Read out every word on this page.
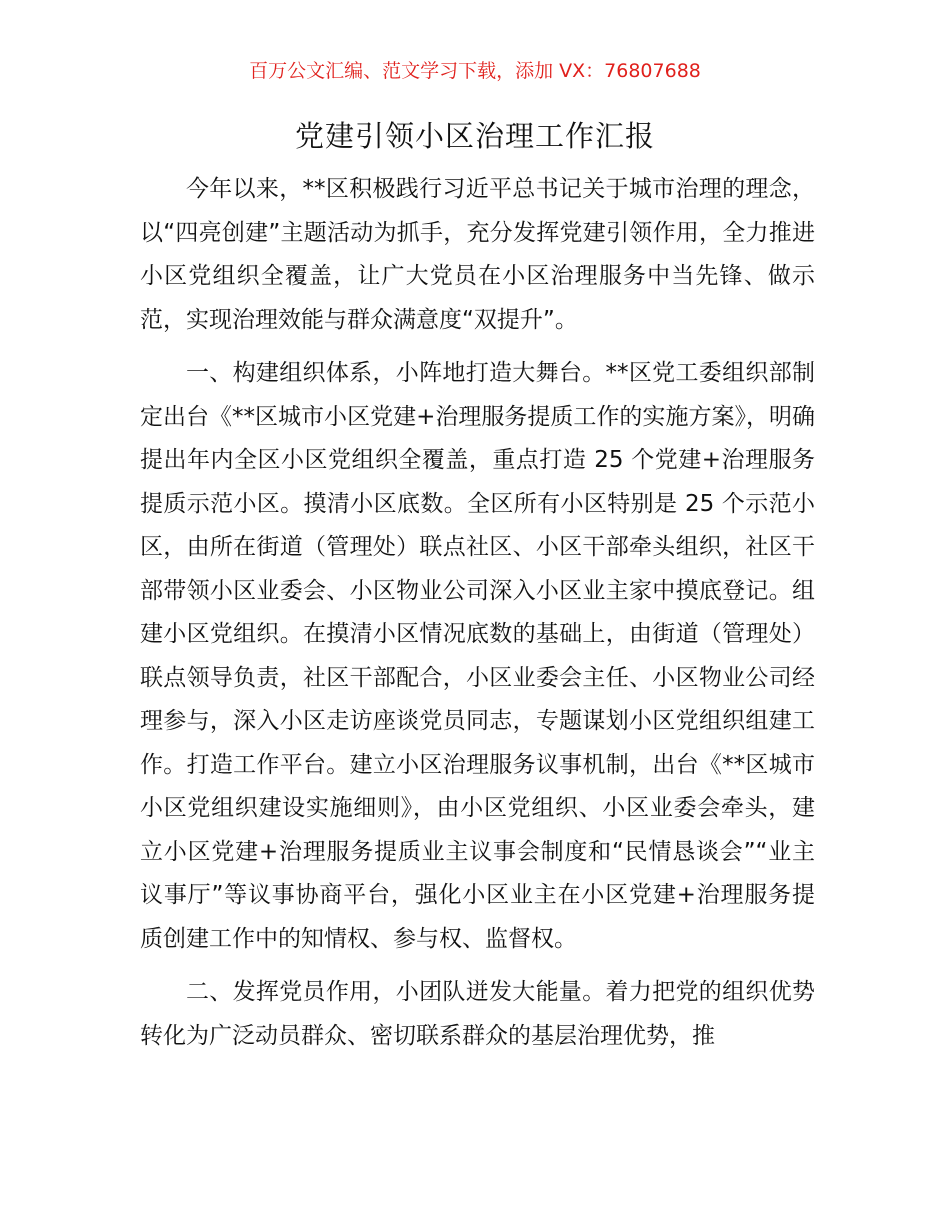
百万公文汇编、范文学习下载，添加 VX：76807688
党建引领小区治理工作汇报

今年以来，**区积极践行习近平总书记关于城市治理的理念，以“四亮创建”主题活动为抓手，充分发挥党建引领作用，全力推进小区党组织全覆盖，让广大党员在小区治理服务中当先锋、做示范，实现治理效能与群众满意度“双提升”。

一、构建组织体系，小阵地打造大舞台。**区党工委组织部制定出台《**区城市小区党建+治理服务提质工作的实施方案》，明确提出年内全区小区党组织全覆盖，重点打造 25 个党建+治理服务提质示范小区。摸清小区底数。全区所有小区特别是 25 个示范小区，由所在街道（管理处）联点社区、小区干部牵头组织，社区干部带领小区业委会、小区物业公司深入小区业主家中摸底登记。组建小区党组织。在摸清小区情况底数的基础上，由街道（管理处）联点领导负责，社区干部配合，小区业委会主任、小区物业公司经理参与，深入小区走访座谈党员同志，专题谋划小区党组织组建工作。打造工作平台。建立小区治理服务议事机制，出台《**区城市小区党组织建设实施细则》，由小区党组织、小区业委会牵头，建立小区党建+治理服务提质业主议事会制度和“民情恳谈会”“业主议事厅”等议事协商平台，强化小区业主在小区党建+治理服务提质创建工作中的知情权、参与权、监督权。

二、发挥党员作用，小团队迸发大能量。着力把党的组织优势转化为广泛动员群众、密切联系群众的基层治理优势，推
